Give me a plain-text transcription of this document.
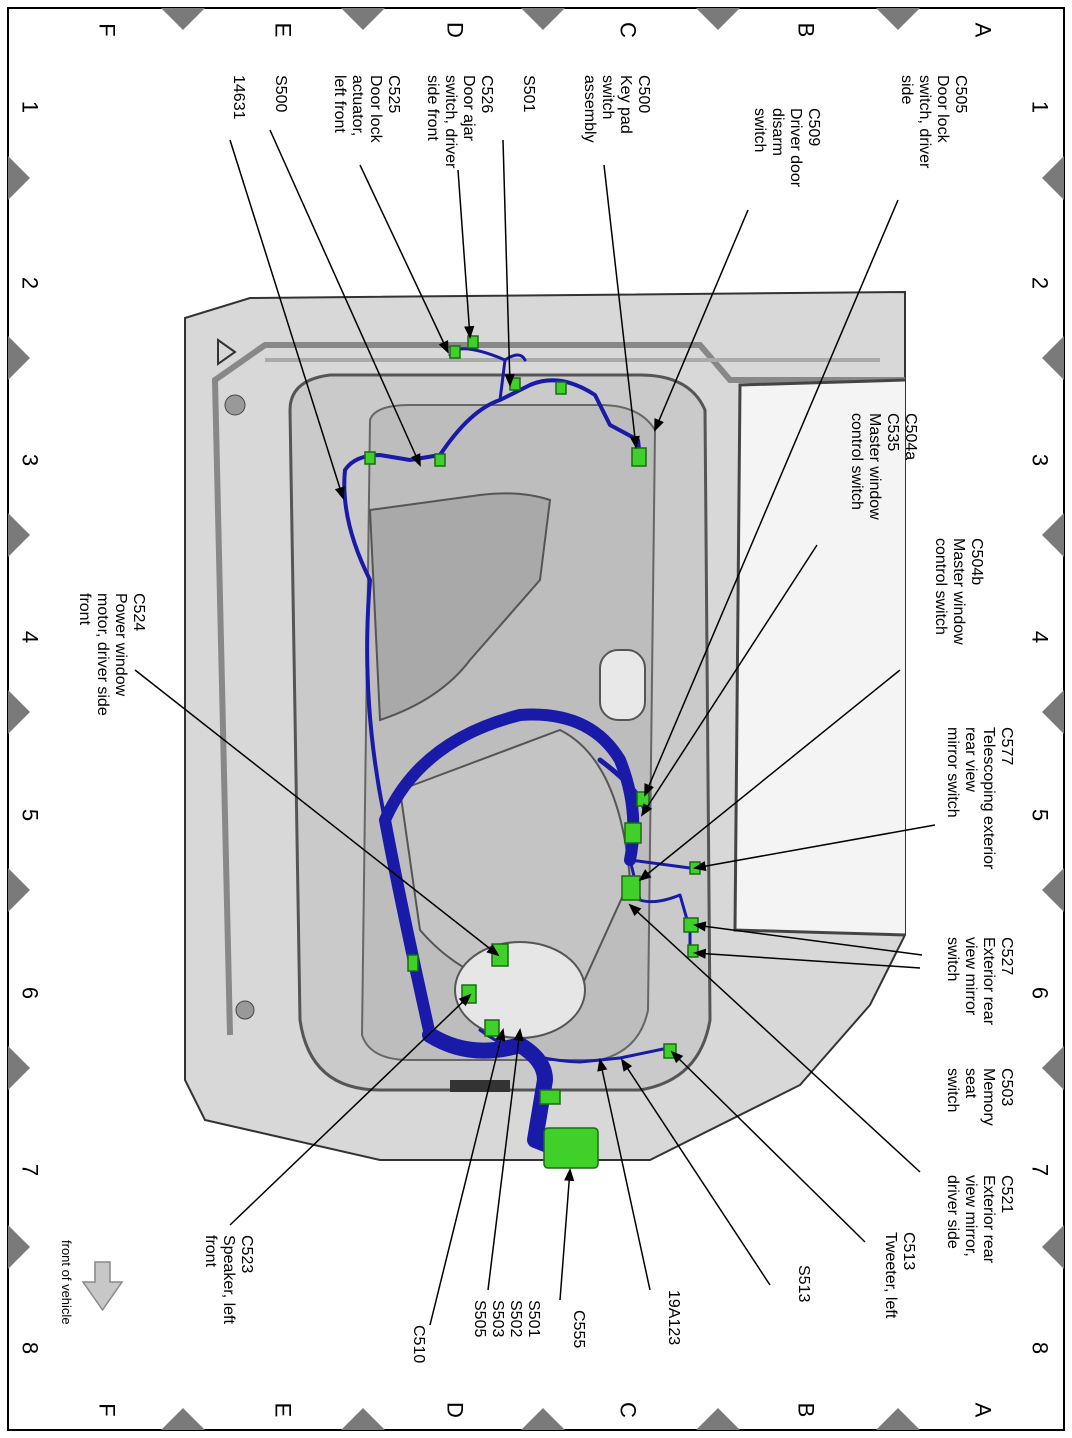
C505
Door lock
switch, driver
side
C509
Driver door
disarm
switch
C500
Key pad
switch
assembly
S501
C526
Door ajar
switch, driver
side front
C525
Door lock
actuator,
left front
S500
14631
C504a
C535
Master window
control switch
C504b
Master window
control switch
C524
Power window
motor, driver side
front
C577
Telescoping exterior
rear view
mirror switch
C527
Exterior rear
view mirror
switch
C503
Memory
seat
switch
C521
Exterior rear
view mirror,
driver side
C513
Tweeter, left
S513
19A123
C555
S501
S502
S503
S505
C510
C523
Speaker, left
front
A
A
B
B
C
C
D
D
E
E
F
F
1	1
2	2
3	3
4	4
5	5
6	6
7	7
8	8
front of vehicle
